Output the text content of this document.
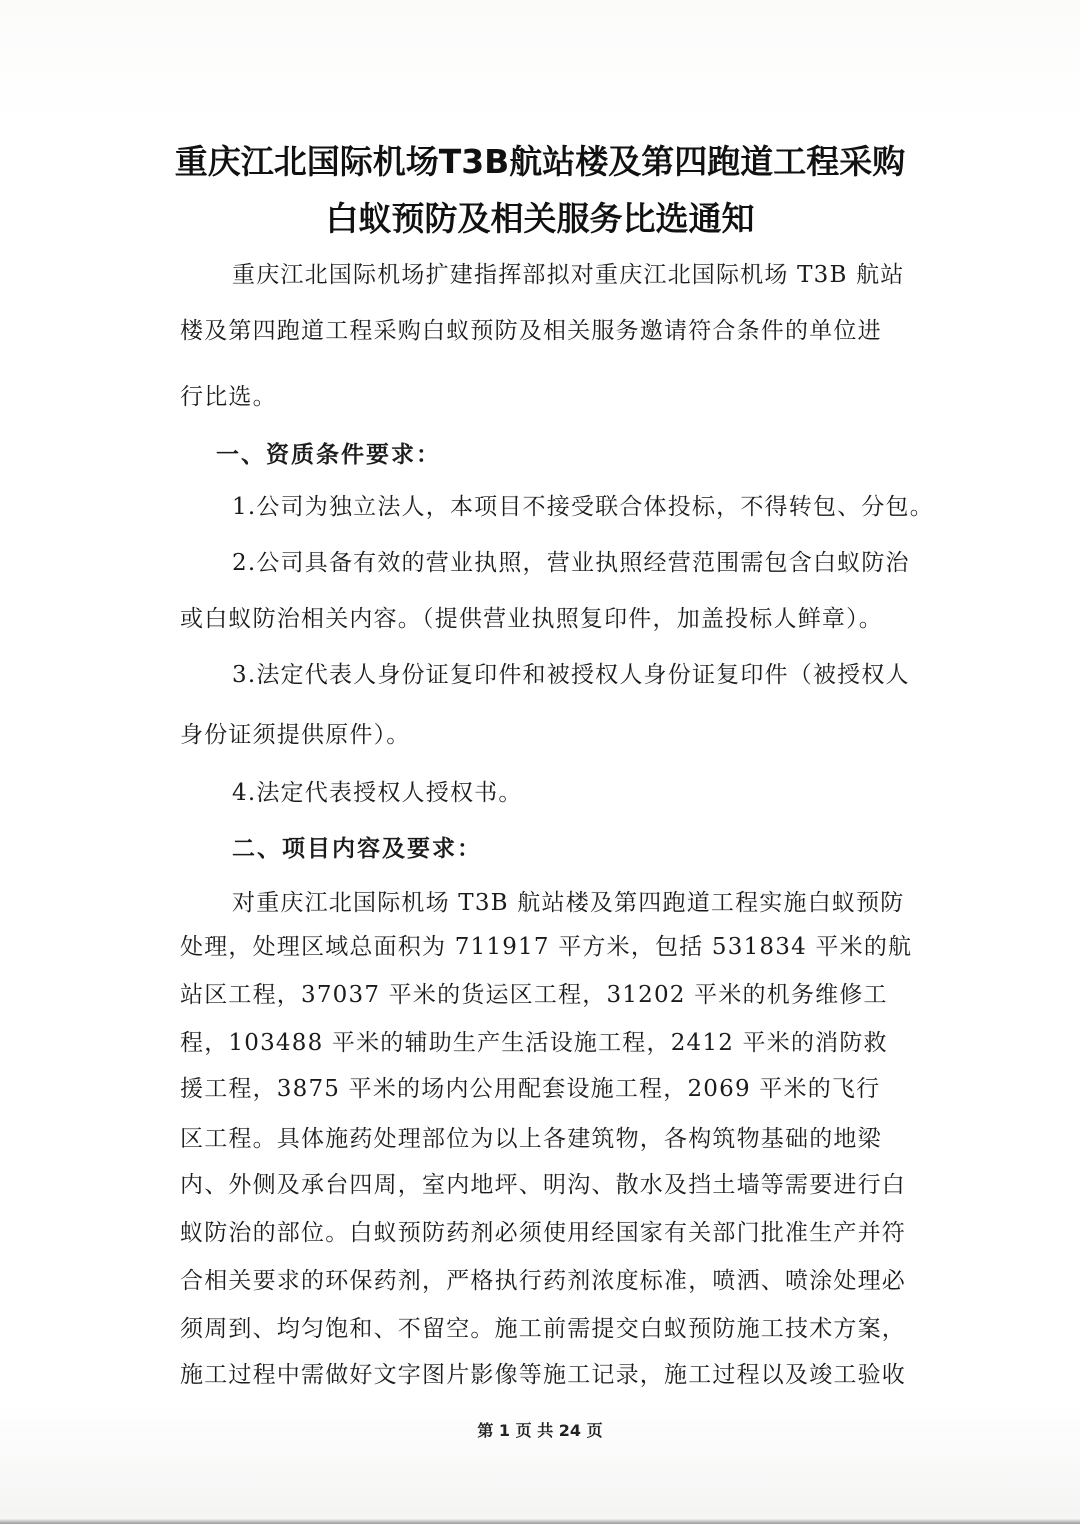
重庆江北国际机场T3B航站楼及第四跑道工程采购
白蚁预防及相关服务比选通知
重庆江北国际机场扩建指挥部拟对重庆江北国际机场 T3B 航站
楼及第四跑道工程采购白蚁预防及相关服务邀请符合条件的单位进
行比选。
一、资质条件要求：
1.公司为独立法人，本项目不接受联合体投标，不得转包、分包。
2.公司具备有效的营业执照，营业执照经营范围需包含白蚁防治
或白蚁防治相关内容。（提供营业执照复印件，加盖投标人鲜章）。
3.法定代表人身份证复印件和被授权人身份证复印件（被授权人
身份证须提供原件）。
4.法定代表授权人授权书。
二、项目内容及要求：
对重庆江北国际机场 T3B 航站楼及第四跑道工程实施白蚁预防
处理，处理区域总面积为 711917 平方米，包括 531834 平米的航
站区工程，37037 平米的货运区工程，31202 平米的机务维修工
程，103488 平米的辅助生产生活设施工程，2412 平米的消防救
援工程，3875 平米的场内公用配套设施工程，2069 平米的飞行
区工程。具体施药处理部位为以上各建筑物，各构筑物基础的地梁
内、外侧及承台四周，室内地坪、明沟、散水及挡土墙等需要进行白
蚁防治的部位。白蚁预防药剂必须使用经国家有关部门批准生产并符
合相关要求的环保药剂，严格执行药剂浓度标准，喷洒、喷涂处理必
须周到、均匀饱和、不留空。施工前需提交白蚁预防施工技术方案，
施工过程中需做好文字图片影像等施工记录，施工过程以及竣工验收
第 1 页 共 24 页
